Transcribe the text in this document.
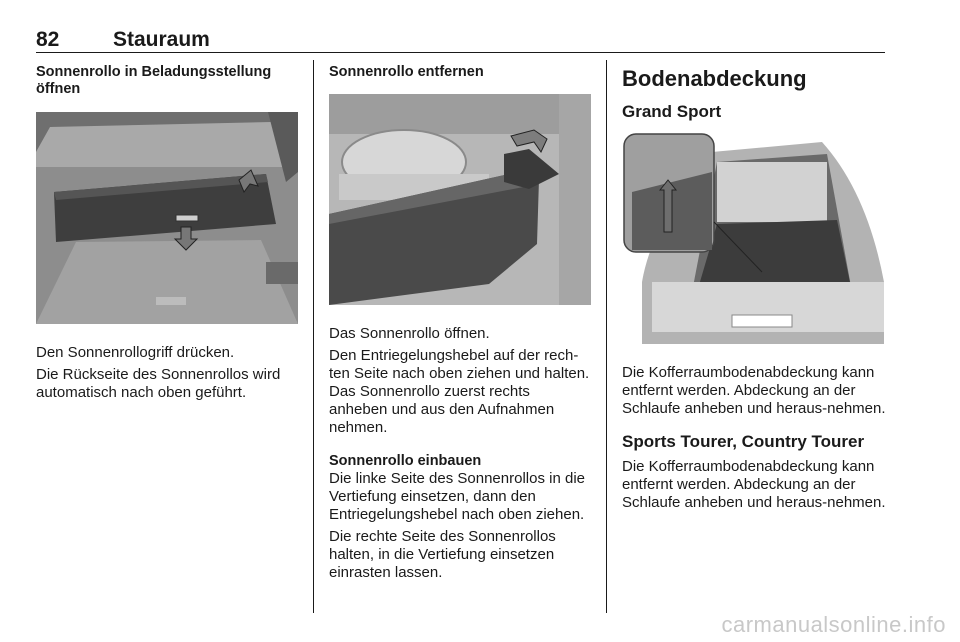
82	Stauraum
Sonnenrollo in Beladungsstellung öffnen

Den Sonnenrollogriff drücken.

Die Rückseite des Sonnenrollos wird automatisch nach oben geführt.

Sonnenrollo entfernen

Das Sonnenrollo öffnen.

Den Entriegelungshebel auf der rech-ten Seite nach oben ziehen und halten. Das Sonnenrollo zuerst rechts anheben und aus den Aufnahmen nehmen.

Sonnenrollo einbauen

Die linke Seite des Sonnenrollos in die Vertiefung einsetzen, dann den Entriegelungshebel nach oben ziehen.

Die rechte Seite des Sonnenrollos halten, in die Vertiefung einsetzen einrasten lassen.

Bodenabdeckung
Grand Sport

Die Kofferraumbodenabdeckung kann entfernt werden. Abdeckung an der Schlaufe anheben und heraus-nehmen.

Sports Tourer, Country Tourer

Die Kofferraumbodenabdeckung kann entfernt werden. Abdeckung an der Schlaufe anheben und heraus-nehmen.

carmanualsonline.info
